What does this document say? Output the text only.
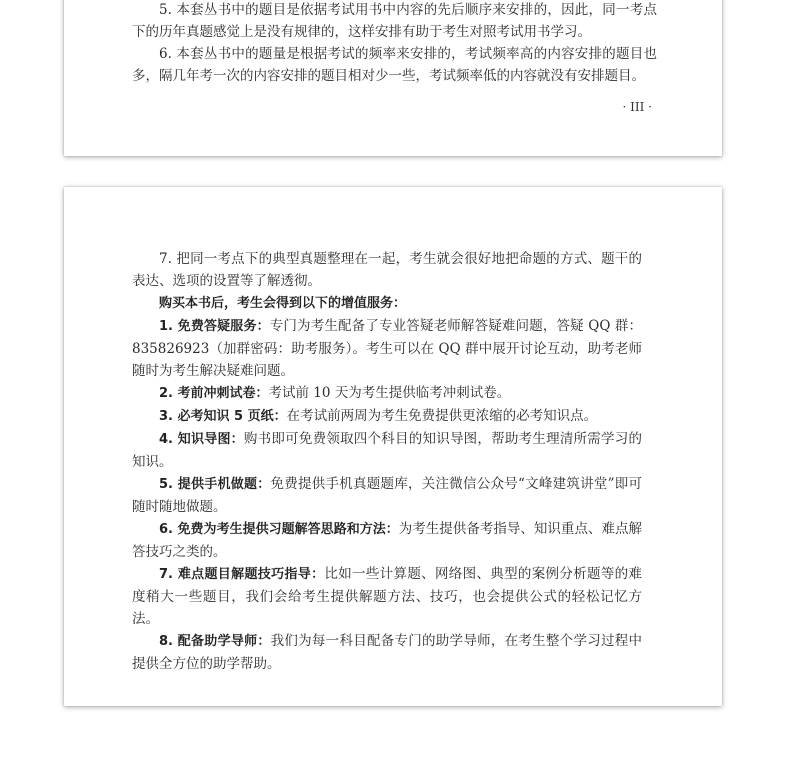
5. 本套丛书中的题目是依据考试用书中内容的先后顺序来安排的，因此，同一考点下的历年真题感觉上是没有规律的，这样安排有助于考生对照考试用书学习。

6. 本套丛书中的题量是根据考试的频率来安排的，考试频率高的内容安排的题目也多，隔几年考一次的内容安排的题目相对少一些，考试频率低的内容就没有安排题目。

· III ·

7. 把同一考点下的典型真题整理在一起，考生就会很好地把命题的方式、题干的表达、选项的设置等了解透彻。

购买本书后，考生会得到以下的增值服务：

1. 免费答疑服务：专门为考生配备了专业答疑老师解答疑难问题，答疑 QQ 群：835826923（加群密码：助考服务）。考生可以在 QQ 群中展开讨论互动，助考老师随时为考生解决疑难问题。

2. 考前冲刺试卷：考试前 10 天为考生提供临考冲刺试卷。

3. 必考知识 5 页纸：在考试前两周为考生免费提供更浓缩的必考知识点。

4. 知识导图：购书即可免费领取四个科目的知识导图，帮助考生理清所需学习的知识。

5. 提供手机做题：免费提供手机真题题库，关注微信公众号“文峰建筑讲堂”即可随时随地做题。

6. 免费为考生提供习题解答思路和方法：为考生提供备考指导、知识重点、难点解答技巧之类的。

7. 难点题目解题技巧指导：比如一些计算题、网络图、典型的案例分析题等的难度稍大一些题目，我们会给考生提供解题方法、技巧，也会提供公式的轻松记忆方法。

8. 配备助学导师：我们为每一科目配备专门的助学导师，在考生整个学习过程中提供全方位的助学帮助。
